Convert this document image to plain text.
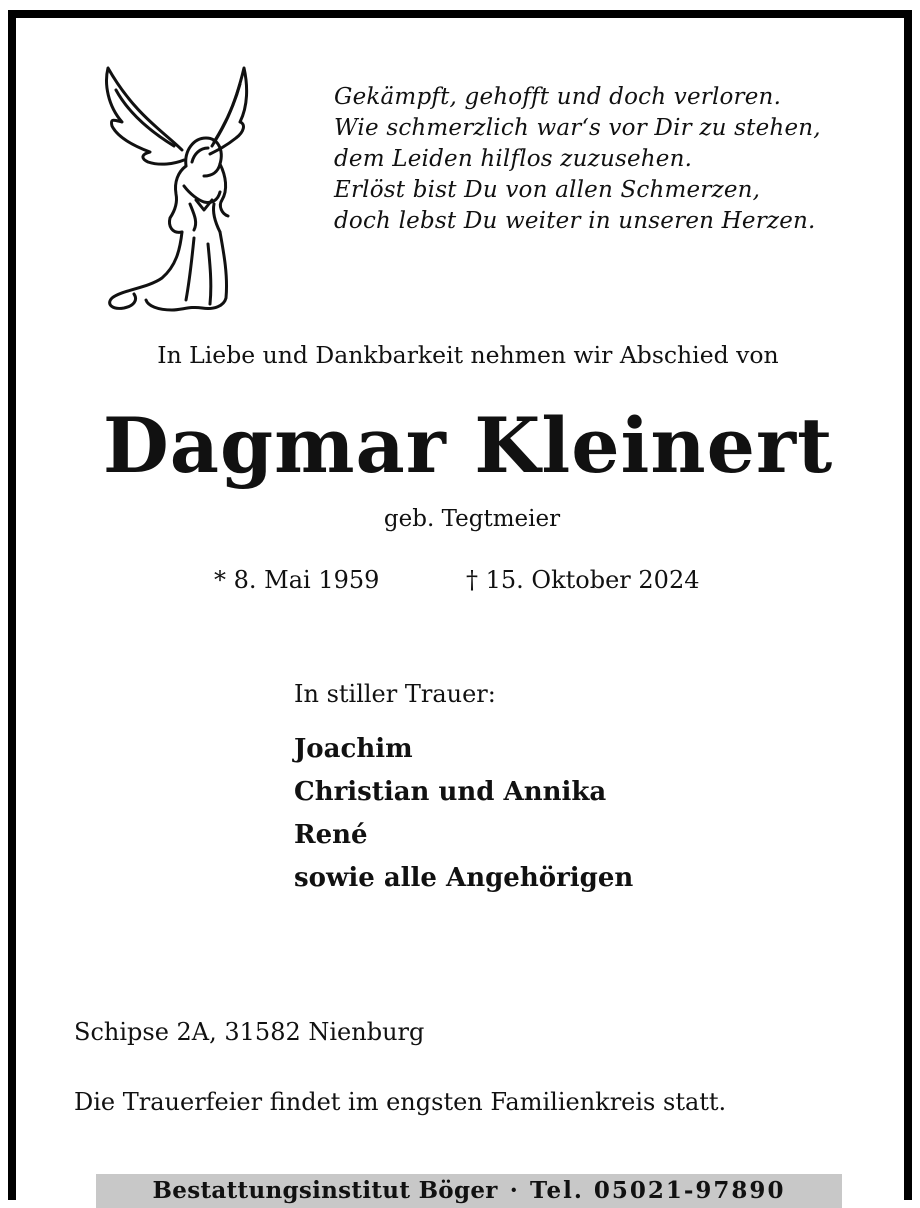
Gekämpft, gehofft und doch verloren.
Wie schmerzlich war‘s vor Dir zu stehen,
dem Leiden hilflos zuzusehen.
Erlöst bist Du von allen Schmerzen,
doch lebst Du weiter in unseren Herzen.
In Liebe und Dankbarkeit nehmen wir Abschied von
Dagmar Kleinert
geb. Tegtmeier
* 8. Mai 1959	† 15. Oktober 2024
In stiller Trauer:
Joachim
Christian und Annika
René
sowie alle Angehörigen
Schipse 2A, 31582 Nienburg
Die Trauerfeier findet im engsten Familienkreis statt.
Bestattungsinstitut Böger · Tel. 05021-97890
